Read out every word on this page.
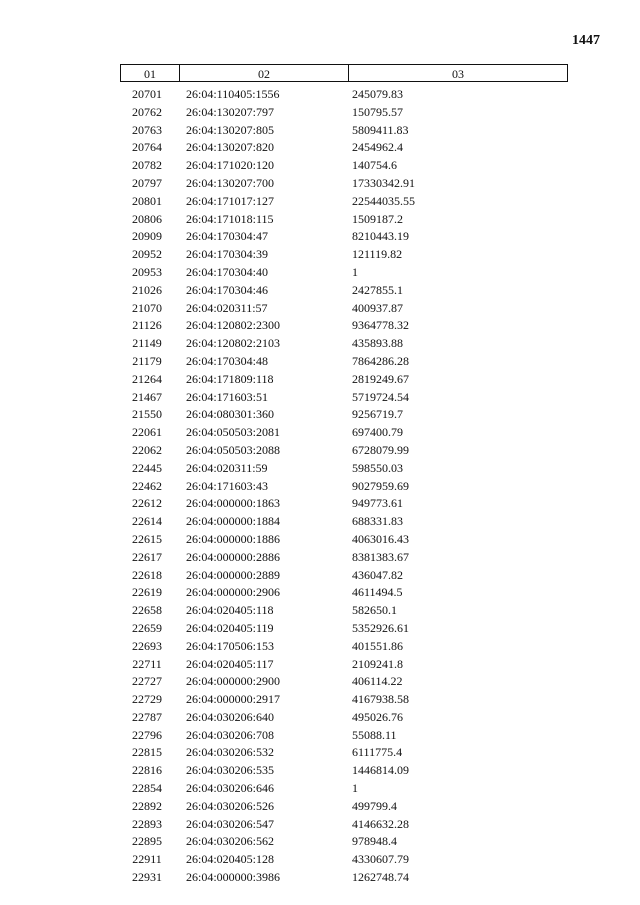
1447
01	02	03
20701	26:04:110405:1556	245079.83
20762	26:04:130207:797	150795.57
20763	26:04:130207:805	5809411.83
20764	26:04:130207:820	2454962.4
20782	26:04:171020:120	140754.6
20797	26:04:130207:700	17330342.91
20801	26:04:171017:127	22544035.55
20806	26:04:171018:115	1509187.2
20909	26:04:170304:47	8210443.19
20952	26:04:170304:39	121119.82
20953	26:04:170304:40	1
21026	26:04:170304:46	2427855.1
21070	26:04:020311:57	400937.87
21126	26:04:120802:2300	9364778.32
21149	26:04:120802:2103	435893.88
21179	26:04:170304:48	7864286.28
21264	26:04:171809:118	2819249.67
21467	26:04:171603:51	5719724.54
21550	26:04:080301:360	9256719.7
22061	26:04:050503:2081	697400.79
22062	26:04:050503:2088	6728079.99
22445	26:04:020311:59	598550.03
22462	26:04:171603:43	9027959.69
22612	26:04:000000:1863	949773.61
22614	26:04:000000:1884	688331.83
22615	26:04:000000:1886	4063016.43
22617	26:04:000000:2886	8381383.67
22618	26:04:000000:2889	436047.82
22619	26:04:000000:2906	4611494.5
22658	26:04:020405:118	582650.1
22659	26:04:020405:119	5352926.61
22693	26:04:170506:153	401551.86
22711	26:04:020405:117	2109241.8
22727	26:04:000000:2900	406114.22
22729	26:04:000000:2917	4167938.58
22787	26:04:030206:640	495026.76
22796	26:04:030206:708	55088.11
22815	26:04:030206:532	6111775.4
22816	26:04:030206:535	1446814.09
22854	26:04:030206:646	1
22892	26:04:030206:526	499799.4
22893	26:04:030206:547	4146632.28
22895	26:04:030206:562	978948.4
22911	26:04:020405:128	4330607.79
22931	26:04:000000:3986	1262748.74
